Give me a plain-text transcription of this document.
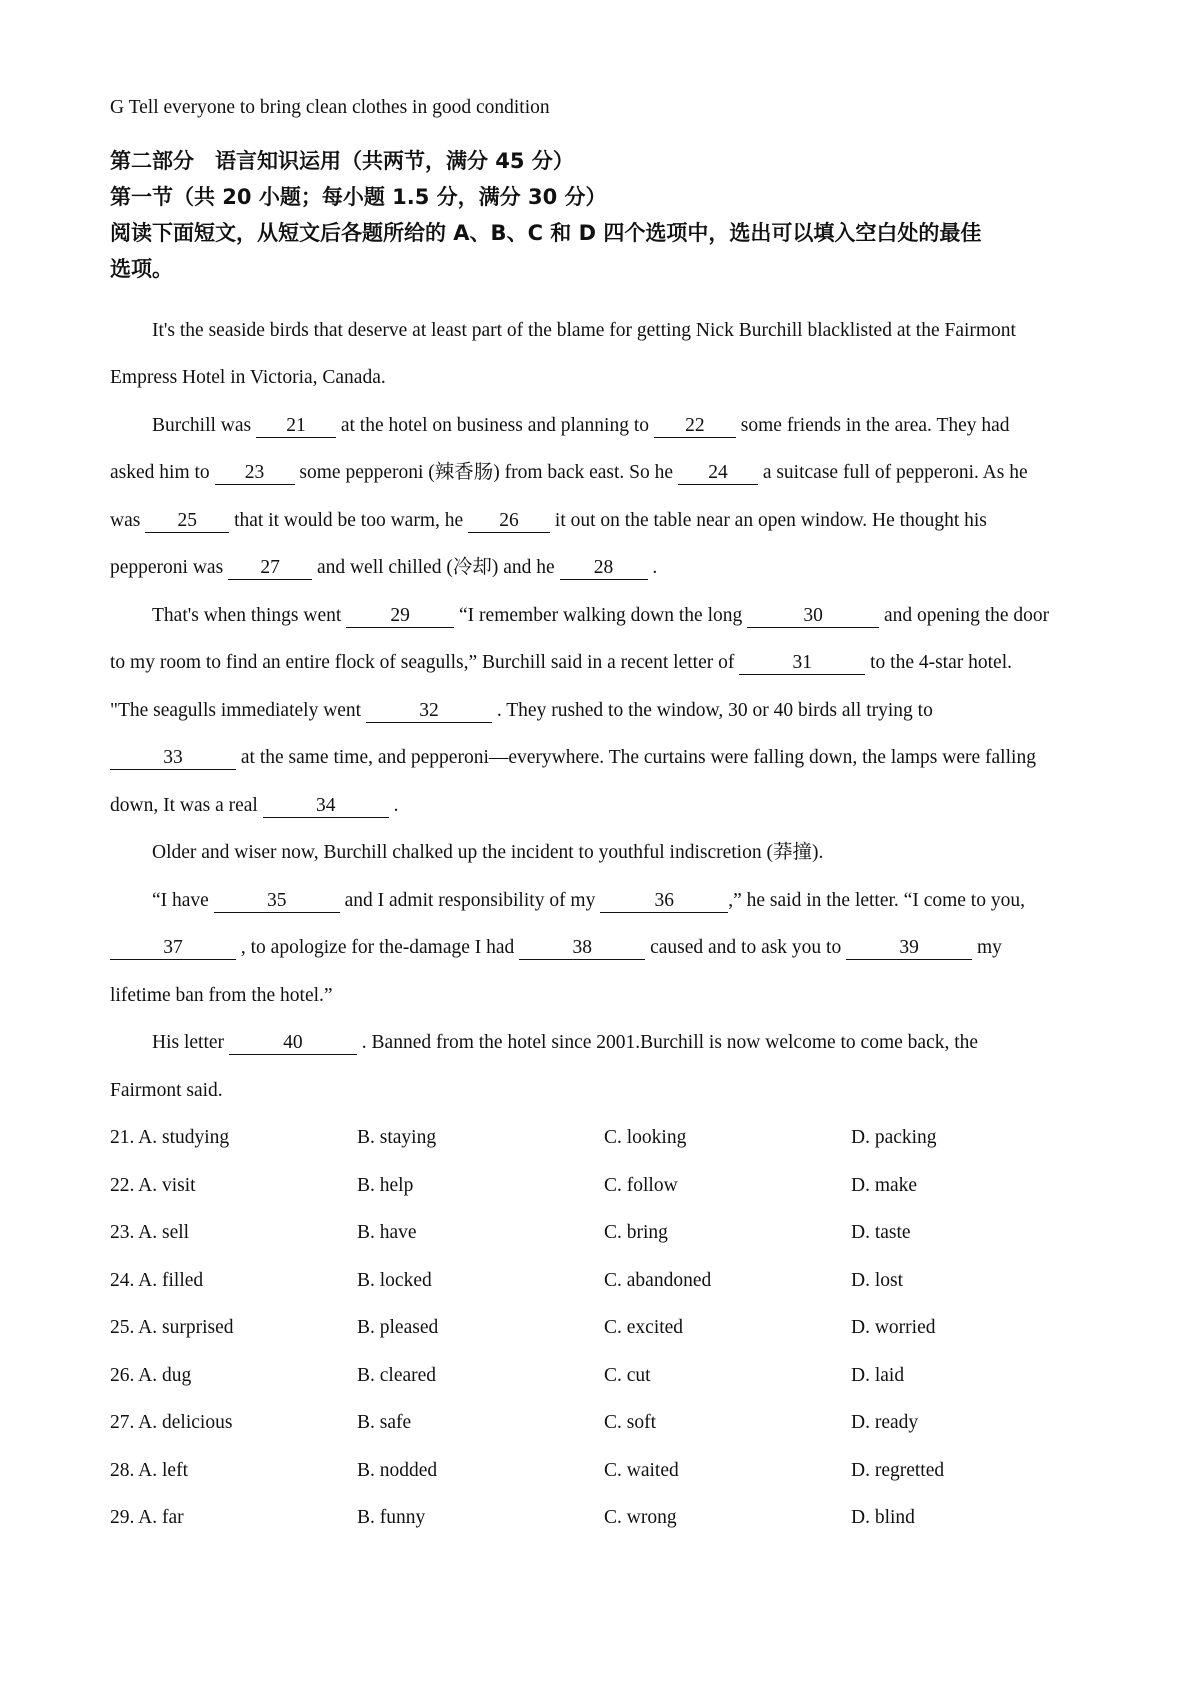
G Tell everyone to bring clean clothes in good condition
第二部分　语言知识运用（共两节，满分 45 分）
第一节（共 20 小题；每小题 1.5 分，满分 30 分）
阅读下面短文，从短文后各题所给的 A、B、C 和 D 四个选项中，选出可以填入空白处的最佳
选项。
It's the seaside birds that deserve at least part of the blame for getting Nick Burchill blacklisted at the Fairmont
Empress Hotel in Victoria, Canada.
Burchill was 21 at the hotel on business and planning to 22 some friends in the area. They had
asked him to 23 some pepperoni (辣香肠) from back east. So he 24 a suitcase full of pepperoni. As he
was 25 that it would be too warm, he 26 it out on the table near an open window. He thought his
pepperoni was 27 and well chilled (冷却) and he 28 .
That's when things went 29 “I remember walking down the long	30	and opening the door
to my room to find an entire flock of seagulls,” Burchill said in a recent letter of	31	to the 4-star hotel.
"The seagulls immediately went	32	. They rushed to the window, 30 or 40 birds all trying to
33	at the same time, and pepperoni—everywhere. The curtains were falling down, the lamps were falling
down, It was a real	34	.
Older and wiser now, Burchill chalked up the incident to youthful indiscretion (莽撞).
“I have	35	and I admit responsibility of my	36	,” he said in the letter. “I come to you,
37	, to apologize for the-damage I had	38	caused and to ask you to	39	my
lifetime ban from the hotel.”
His letter	40	. Banned from the hotel since 2001.Burchill is now welcome to come back, the
Fairmont said.
21. A. studying	B. staying	C. looking	D. packing
22. A. visit	B. help	C. follow	D. make
23. A. sell	B. have	C. bring	D. taste
24. A. filled	B. locked	C. abandoned	D. lost
25. A. surprised	B. pleased	C. excited	D. worried
26. A. dug	B. cleared	C. cut	D. laid
27. A. delicious	B. safe	C. soft	D. ready
28. A. left	B. nodded	C. waited	D. regretted
29. A. far	B. funny	C. wrong	D. blind
